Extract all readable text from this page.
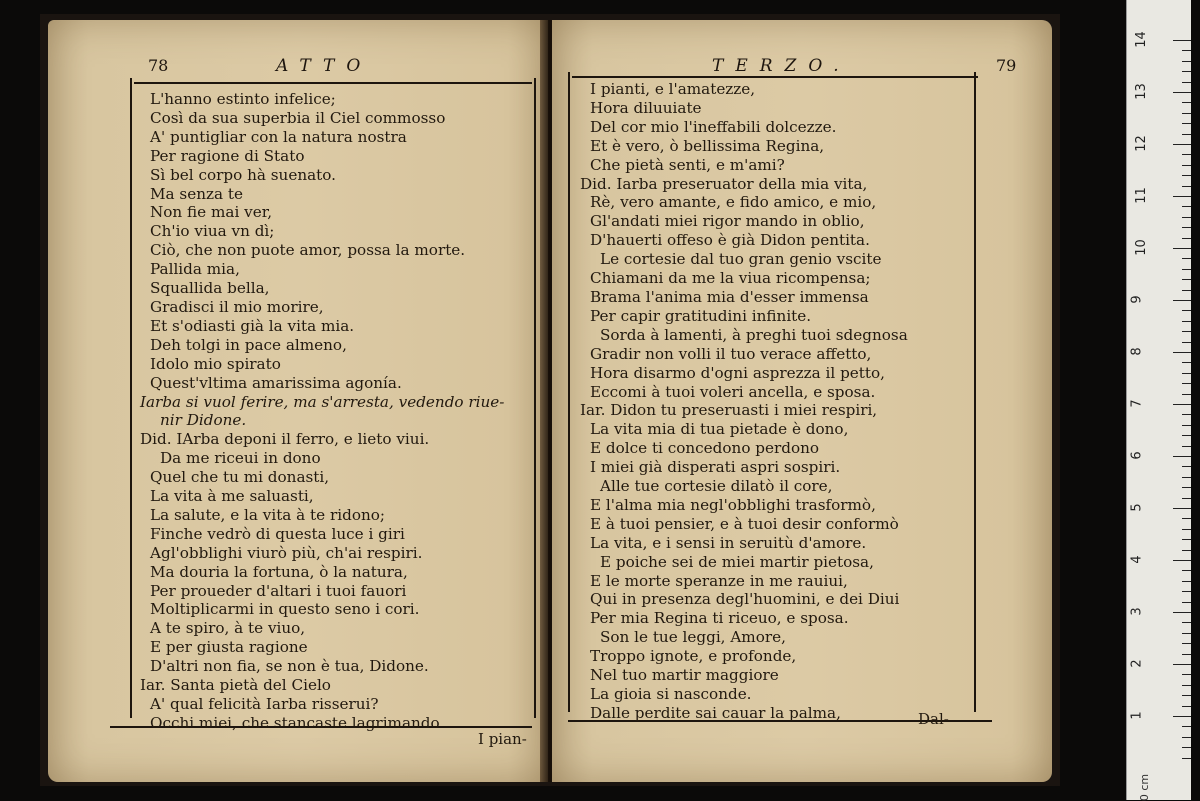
78	ATTO
L'hanno estinto infelice;
Così da sua superbia il Ciel commosso
A' puntigliar con la natura nostra
Per ragione di Stato
Sì bel corpo hà suenato.
Ma senza te
Non fie mai ver,
Ch'io viua vn dì;
Ciò, che non puote amor, possa la morte.
Pallida mia,
Squallida bella,
Gradisci il mio morire,
Et s'odiasti già la vita mia.
Deh tolgi in pace almeno,
Idolo mio spirato
Quest'vltima amarissima agonía.
Iarba si vuol ferire, ma s'arresta, vedendo riue-
nir Didone.
Did. IArba deponi il ferro, e lieto viui.
Da me riceui in dono
Quel che tu mi donasti,
La vita à me saluasti,
La salute, e la vita à te ridono;
Finche vedrò di questa luce i giri
Agl'obblighi viurò più, ch'ai respiri.
Ma douria la fortuna, ò la natura,
Per proueder d'altari i tuoi fauori
Moltiplicarmi in questo seno i cori.
A te spiro, à te viuo,
E per giusta ragione
D'altri non fia, se non è tua, Didone.
Iar. Santa pietà del Cielo
A' qual felicità Iarba risserui?
Occhi miei, che stancaste lagrimando
I pian-
TERZO.	79
I pianti, e l'amatezze,
Hora diluuiate
Del cor mio l'ineffabili dolcezze.
Et è vero, ò bellissima Regina,
Che pietà senti, e m'ami?
Did. Iarba preseruator della mia vita,
Rè, vero amante, e fido amico, e mio,
Gl'andati miei rigor mando in oblio,
D'hauerti offeso è già Didon pentita.
Le cortesie dal tuo gran genio vscite
Chiamani da me la viua ricompensa;
Brama l'anima mia d'esser immensa
Per capir gratitudini infinite.
Sorda à lamenti, à preghi tuoi sdegnosa
Gradir non volli il tuo verace affetto,
Hora disarmo d'ogni asprezza il petto,
Eccomi à tuoi voleri ancella, e sposa.
Iar. Didon tu preseruasti i miei respiri,
La vita mia di tua pietade è dono,
E dolce ti concedono perdono
I miei già disperati aspri sospiri.
Alle tue cortesie dilatò il core,
E l'alma mia negl'obblighi trasformò,
E à tuoi pensier, e à tuoi desir conformò
La vita, e i sensi in seruitù d'amore.
E poiche sei de miei martir pietosa,
E le morte speranze in me rauiui,
Qui in presenza degl'huomini, e dei Diui
Per mia Regina ti riceuo, e sposa.
Son le tue leggi, Amore,
Troppo ignote, e profonde,
Nel tuo martir maggiore
La gioia si nasconde.
Dalle perdite sai cauar la palma,	Dal-
0 cm
14
13
12
11
10
9
8
7
6
5
4
3
2
1
